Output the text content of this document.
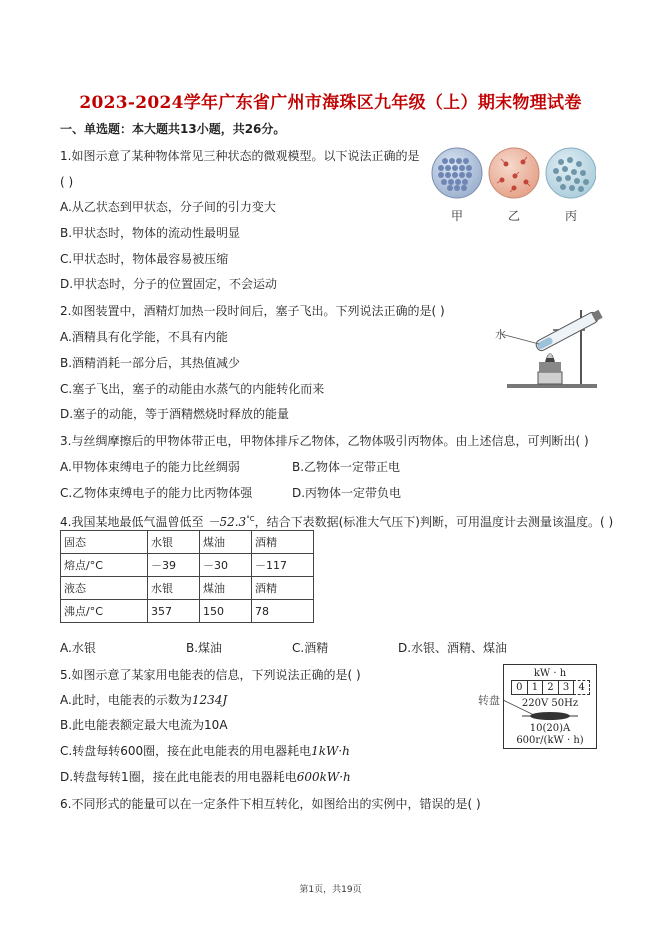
2023-2024学年广东省广州市海珠区九年级（上）期末物理试卷
一、单选题：本大题共13小题，共26分。
1.如图示意了某种物体常见三种状态的微观模型。以下说法正确的是
( )
A.从乙状态到甲状态，分子间的引力变大
B.甲状态时，物体的流动性最明显
C.甲状态时，物体最容易被压缩
D.甲状态时，分子的位置固定，不会运动
甲	乙	丙
2.如图装置中，酒精灯加热一段时间后，塞子飞出。下列说法正确的是( )
A.酒精具有化学能，不具有内能
B.酒精消耗一部分后，其热值减少
C.塞子飞出，塞子的动能由水蒸气的内能转化而来
D.塞子的动能，等于酒精燃烧时释放的能量
水
3.与丝绸摩擦后的甲物体带正电，甲物体排斥乙物体，乙物体吸引丙物体。由上述信息，可判断出( )
A.甲物体束缚电子的能力比丝绸弱	B.乙物体一定带正电
C.乙物体束缚电子的能力比丙物体强	D.丙物体一定带负电
4.我国某地最低气温曾低至 $-52.3^{^\circ C}$，结合下表数据(标准大气压下)判断，可用温度计去测量该温度。( )
固态	水银	煤油	酒精
熔点/°C	－39	－30	－117
液态	水银	煤油	酒精
沸点/°C	357	150	78
A.水银	B.煤油	C.酒精	D.水银、酒精、煤油
5.如图示意了某家用电能表的信息，下列说法正确的是( )
A.此时，电能表的示数为1234J
B.此电能表额定最大电流为10A
C.转盘每转600圈，接在此电能表的用电器耗电1kW·h
D.转盘每转1圈，接在此电能表的用电器耗电600kW·h
转盘
kW · h
0 1 2 3 4
220V 50Hz
10(20)A
600r/(kW · h)
6.不同形式的能量可以在一定条件下相互转化，如图给出的实例中，错误的是( )
第1页，共19页
